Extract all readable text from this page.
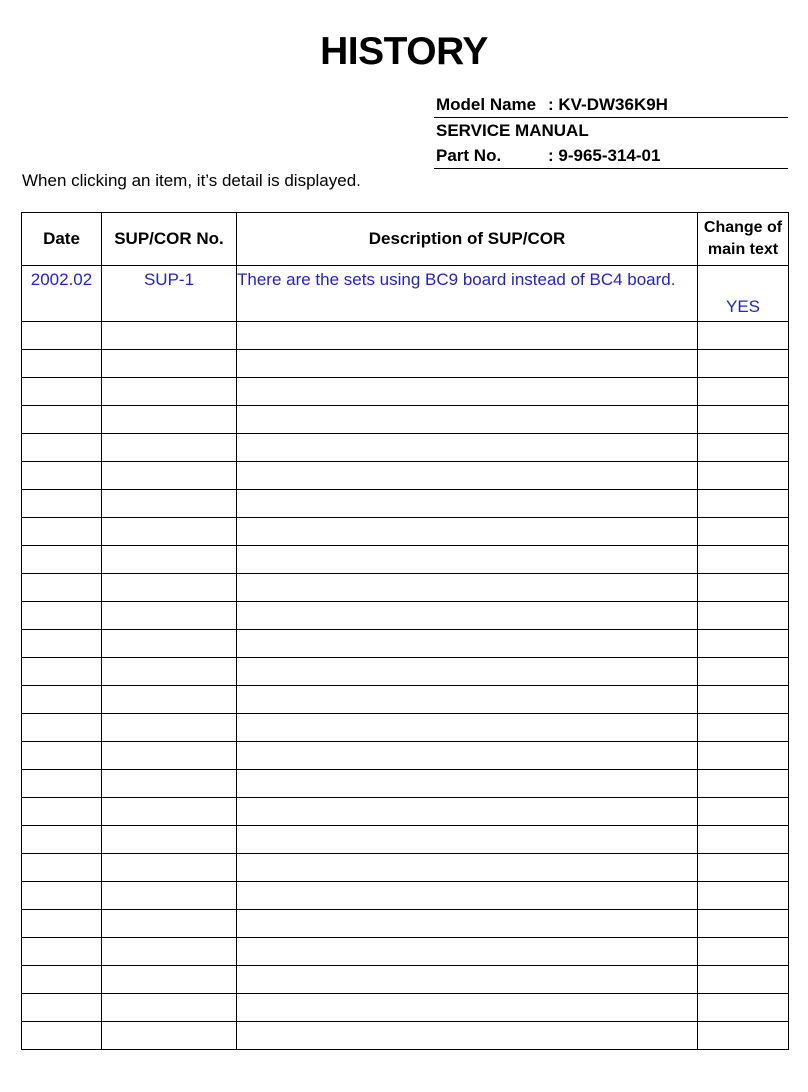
HISTORY
Model Name : KV-DW36K9H
SERVICE MANUAL
Part No.	: 9-965-314-01
When clicking an item, it’s detail is displayed.
Date	SUP/COR No.	Description of SUP/COR	Change of
main text
2002.02	SUP-1	There are the sets using BC9 board instead of BC4 board.	YES
